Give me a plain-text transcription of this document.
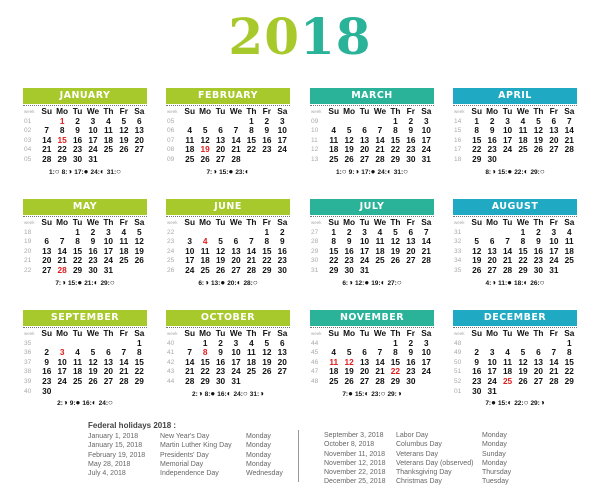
2018
JANUARY
week	Su	Mo	Tu	We	Th	Fr	Sa
01		1	2	3	4	5	6
02	7	8	9	10	11	12	13
03	14	15	16	17	18	19	20
04	21	22	23	24	25	26	27
05	28	29	30	31			
1:○ 8:◑ 17:● 24:◐ 31:○
FEBRUARY
week	Su	Mo	Tu	We	Th	Fr	Sa
05					1	2	3
06	4	5	6	7	8	9	10
07	11	12	13	14	15	16	17
08	18	19	20	21	22	23	24
09	25	26	27	28			
7:◑ 15:● 23:◐
MARCH
week	Su	Mo	Tu	We	Th	Fr	Sa
09					1	2	3
10	4	5	6	7	8	9	10
11	11	12	13	14	15	16	17
12	18	19	20	21	22	23	24
13	25	26	27	28	29	30	31
1:○ 9:◑ 17:● 24:◐ 31:○
APRIL
week	Su	Mo	Tu	We	Th	Fr	Sa
14	1	2	3	4	5	6	7
15	8	9	10	11	12	13	14
16	15	16	17	18	19	20	21
17	22	23	24	25	26	27	28
18	29	30					
8:◑ 15:● 22:◐ 29:○
MAY
week	Su	Mo	Tu	We	Th	Fr	Sa
18			1	2	3	4	5
19	6	7	8	9	10	11	12
20	13	14	15	16	17	18	19
21	20	21	22	23	24	25	26
22	27	28	29	30	31		
7:◑ 15:● 21:◐ 29:○
JUNE
week	Su	Mo	Tu	We	Th	Fr	Sa
22						1	2
23	3	4	5	6	7	8	9
24	10	11	12	13	14	15	16
25	17	18	19	20	21	22	23
26	24	25	26	27	28	29	30
6:◑ 13:● 20:◐ 28:○
JULY
week	Su	Mo	Tu	We	Th	Fr	Sa
27	1	2	3	4	5	6	7
28	8	9	10	11	12	13	14
29	15	16	17	18	19	20	21
30	22	23	24	25	26	27	28
31	29	30	31				
6:◑ 12:● 19:◐ 27:○
AUGUST
week	Su	Mo	Tu	We	Th	Fr	Sa
31				1	2	3	4
32	5	6	7	8	9	10	11
33	12	13	14	15	16	17	18
34	19	20	21	22	23	24	25
35	26	27	28	29	30	31	
4:◑ 11:● 18:◐ 26:○
SEPTEMBER
week	Su	Mo	Tu	We	Th	Fr	Sa
35							1
36	2	3	4	5	6	7	8
37	9	10	11	12	13	14	15
38	16	17	18	19	20	21	22
39	23	24	25	26	27	28	29
40	30						
2:◑ 9:● 16:◐ 24:○
OCTOBER
week	Su	Mo	Tu	We	Th	Fr	Sa
40		1	2	3	4	5	6
41	7	8	9	10	11	12	13
42	14	15	16	17	18	19	20
43	21	22	23	24	25	26	27
44	28	29	30	31			
2:◑ 8:● 16:◐ 24:○ 31:◑
NOVEMBER
week	Su	Mo	Tu	We	Th	Fr	Sa
44					1	2	3
45	4	5	6	7	8	9	10
46	11	12	13	14	15	16	17
47	18	19	20	21	22	23	24
48	25	26	27	28	29	30	
7:● 15:◐ 23:○ 29:◑
DECEMBER
week	Su	Mo	Tu	We	Th	Fr	Sa
48							1
49	2	3	4	5	6	7	8
50	9	10	11	12	13	14	15
51	16	17	18	19	20	21	22
52	23	24	25	26	27	28	29
01	30	31					
7:● 15:◐ 22:○ 29:◑
Federal holidays 2018 :
January 1, 2018	New Year's Day	Monday
January 15, 2018	Martin Luther King Day Monday
February 19, 2018 Presidents' Day	Monday
May 28, 2018	Memorial Day	Monday
July 4, 2018	Independence Day	Wednesday
September 3, 2018 Labor Day	Monday
October 8, 2018	Columbus Day	Monday
November 11, 2018 Veterans Day	Sunday
November 12, 2018 Veterans Day (observed) Monday
November 22, 2018 Thanksgiving Day	Thursday
December 25, 2018 Christmas Day	Tuesday
